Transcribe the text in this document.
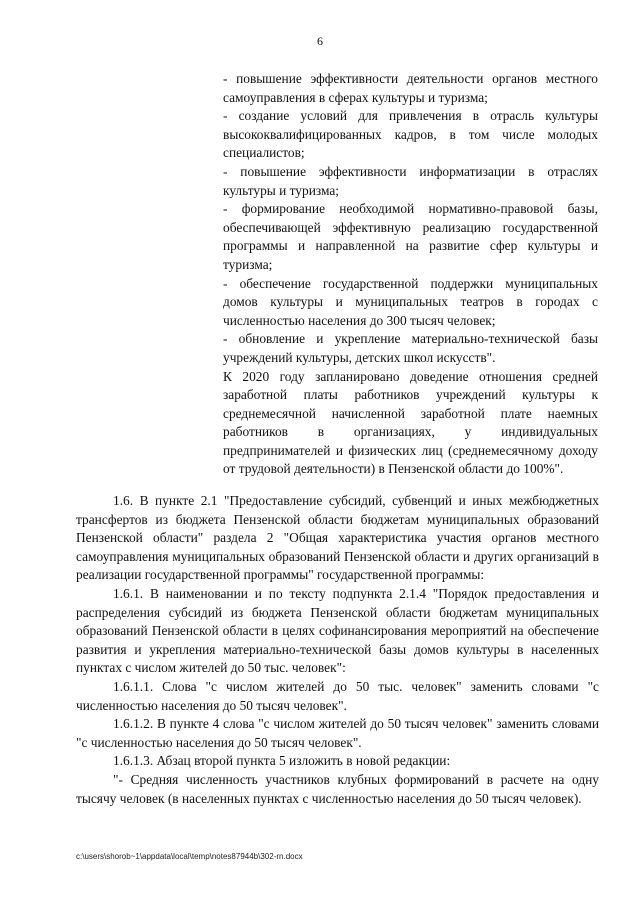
6

- повышение эффективности деятельности органов местного самоуправления в сферах культуры и туризма;

- создание условий для привлечения в отрасль культуры высококвалифицированных кадров, в том числе молодых специалистов;

- повышение эффективности информатизации в отраслях культуры и туризма;

- формирование необходимой нормативно-правовой базы, обеспечивающей эффективную реализацию государственной программы и направленной на развитие сфер культуры и туризма;

- обеспечение государственной поддержки муниципальных домов культуры и муниципальных театров в городах с численностью населения до 300 тысяч человек;

- обновление и укрепление материально-технической базы учреждений культуры, детских школ искусств".

К 2020 году запланировано доведение отношения средней заработной платы работников учреждений культуры к среднемесячной начисленной заработной плате наемных работников в организациях, у индивидуальных предпринимателей и физических лиц (среднемесячному доходу от трудовой деятельности) в Пензенской области до 100%".

1.6. В пункте 2.1 "Предоставление субсидий, субвенций и иных межбюджетных трансфертов из бюджета Пензенской области бюджетам муниципальных образований Пензенской области" раздела 2 "Общая характеристика участия органов местного самоуправления муниципальных образований Пензенской области и других организаций в реализации государственной программы" государственной программы:

1.6.1. В наименовании и по тексту подпункта 2.1.4 "Порядок предоставления и распределения субсидий из бюджета Пензенской области бюджетам муниципальных образований Пензенской области в целях софинансирования мероприятий на обеспечение развития и укрепления материально-технической базы домов культуры в населенных пунктах с числом жителей до 50 тыс. человек":

1.6.1.1. Слова "с числом жителей до 50 тыс. человек" заменить словами "с численностью населения до 50 тысяч человек".

1.6.1.2. В пункте 4 слова "с числом жителей до 50 тысяч человек" заменить словами "с численностью населения до 50 тысяч человек".

1.6.1.3. Абзац второй пункта 5 изложить в новой редакции:

"- Средняя численность участников клубных формирований в расчете на одну тысячу человек (в населенных пунктах с численностью населения до 50 тысяч человек).

c:\users\shorob~1\appdata\local\temp\notes87944b\302-rn.docx
